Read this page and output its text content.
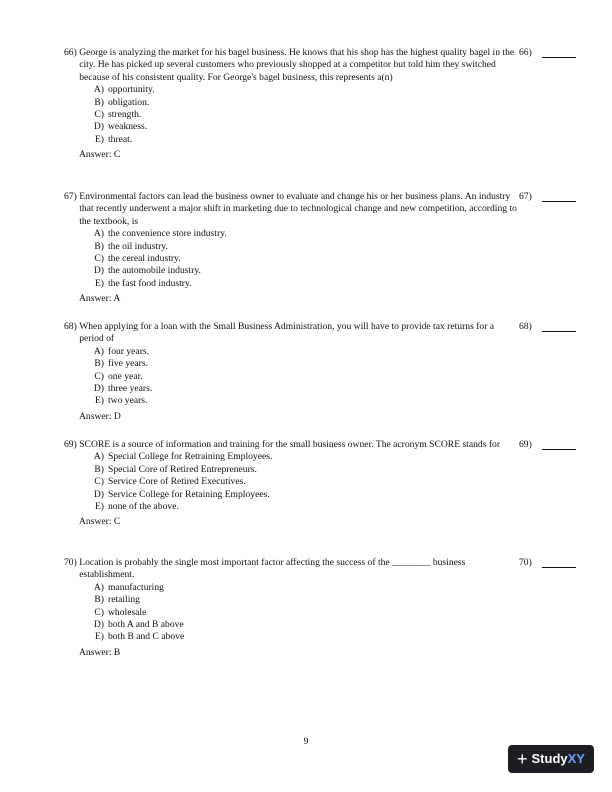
66)
George is analyzing the market for his bagel business. He knows that his shop has the highest quality bagel in the city. He has picked up several customers who previously shopped at a competitor but told him they switched because of his consistent quality. For George's bagel business, this represents a(n)
A) opportunity.
B) obligation.
C) strength.
D) weakness.
E) threat.
Answer: C
66)
67)
Environmental factors can lead the business owner to evaluate and change his or her business plans. An industry that recently underwent a major shift in marketing due to technological change and new competition, according to the textbook, is
A) the convenience store industry.
B) the oil industry.
C) the cereal industry.
D) the automobile industry.
E) the fast food industry.
Answer: A
67)
68)
When applying for a loan with the Small Business Administration, you will have to provide tax returns for a period of
A) four years.
B) five years.
C) one year.
D) three years.
E) two years.
Answer: D
68)
69)
SCORE is a source of information and training for the small business owner. The acronym SCORE stands for
A) Special College for Retraining Employees.
B) Special Core of Retired Entrepreneurs.
C) Service Core of Retired Executives.
D) Service College for Retaining Employees.
E) none of the above.
Answer: C
69)
70)
Location is probably the single most important factor affecting the success of the ________ business establishment.
A) manufacturing
B) retailing
C) wholesale
D) both A and B above
E) both B and C above
Answer: B
70)
9
+ Study XY
